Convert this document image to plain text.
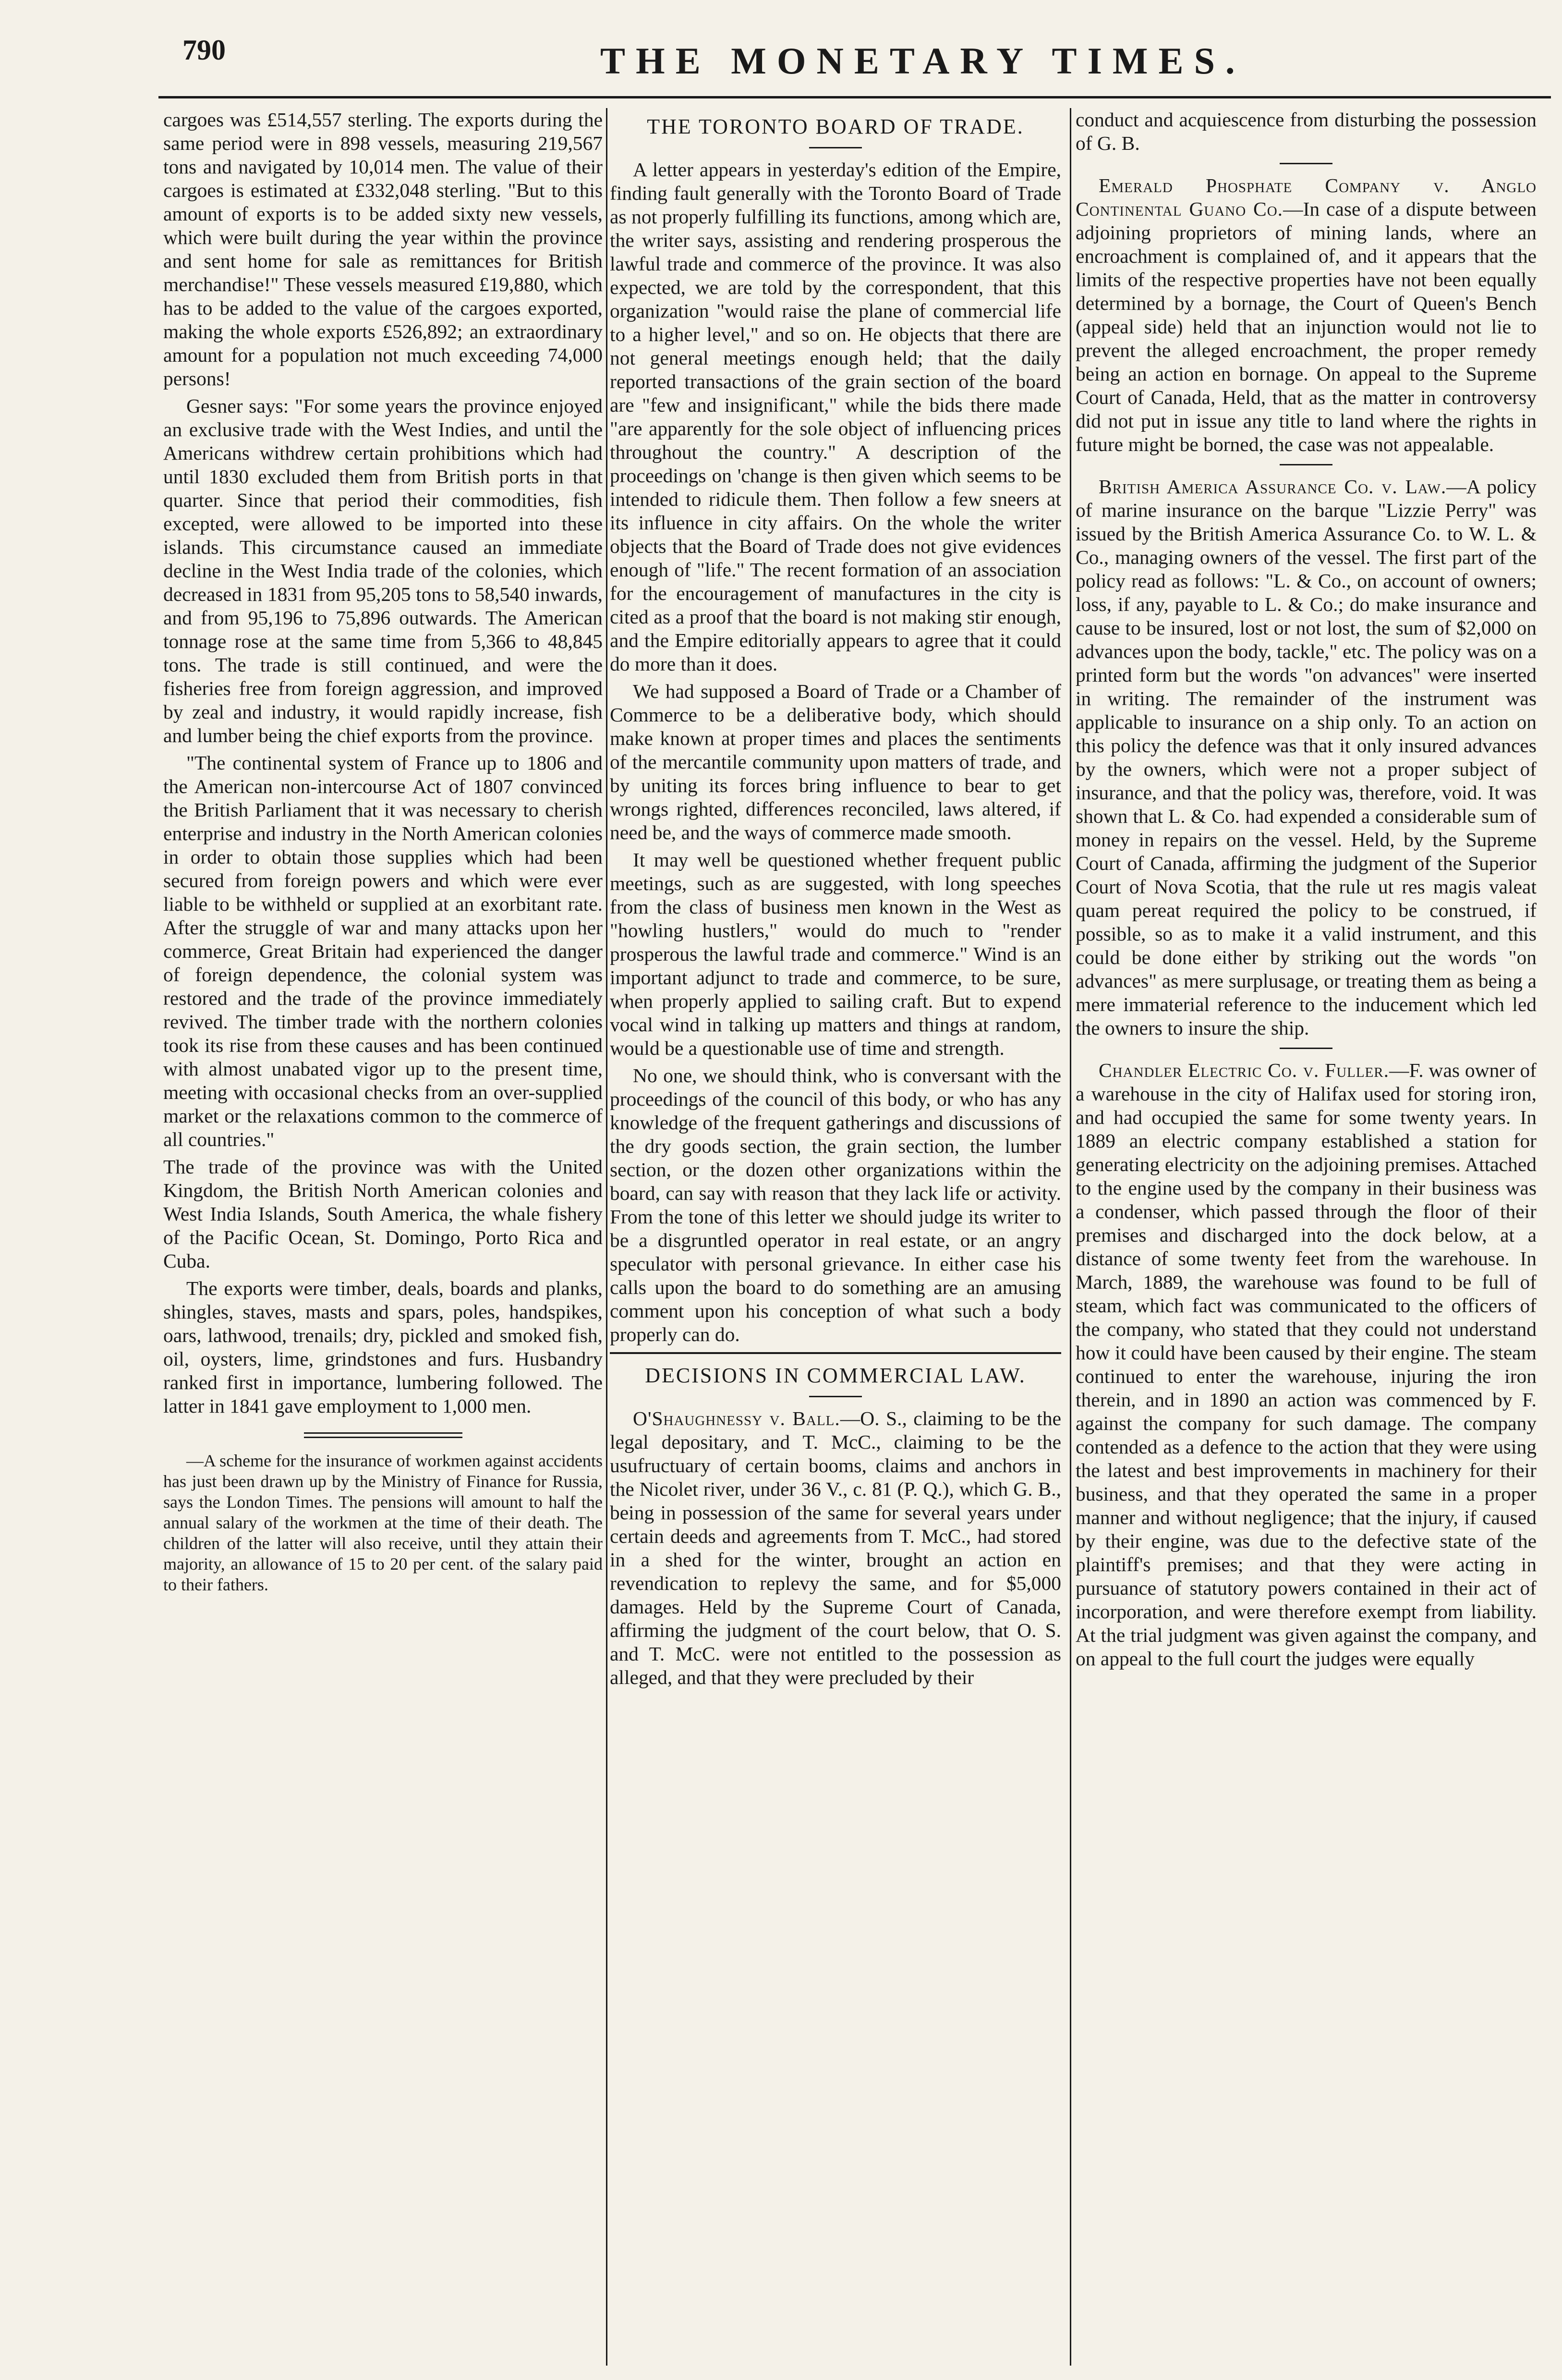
790	THE MONETARY TIMES.

cargoes was £514,557 sterling. The exports during the same period were in 898 vessels, measuring 219,567 tons and navigated by 10,014 men. The value of their cargoes is estimated at £332,048 sterling. "But to this amount of exports is to be added sixty new vessels, which were built during the year within the province and sent home for sale as remittances for British merchandise!" These vessels measured £19,880, which has to be added to the value of the cargoes exported, making the whole exports £526,892; an extraordinary amount for a population not much exceeding 74,000 persons!

Gesner says: "For some years the province enjoyed an exclusive trade with the West Indies, and until the Americans withdrew certain prohibitions which had until 1830 excluded them from British ports in that quarter. Since that period their commodities, fish excepted, were allowed to be imported into these islands. This circumstance caused an immediate decline in the West India trade of the colonies, which decreased in 1831 from 95,205 tons to 58,540 inwards, and from 95,196 to 75,896 outwards. The American tonnage rose at the same time from 5,366 to 48,845 tons. The trade is still continued, and were the fisheries free from foreign aggression, and improved by zeal and industry, it would rapidly increase, fish and lumber being the chief exports from the province.

"The continental system of France up to 1806 and the American non-intercourse Act of 1807 convinced the British Parliament that it was necessary to cherish enterprise and industry in the North American colonies in order to obtain those supplies which had been secured from foreign powers and which were ever liable to be withheld or supplied at an exorbitant rate. After the struggle of war and many attacks upon her commerce, Great Britain had experienced the danger of foreign dependence, the colonial system was restored and the trade of the province immediately revived. The timber trade with the northern colonies took its rise from these causes and has been continued with almost unabated vigor up to the present time, meeting with occasional checks from an over-supplied market or the relaxations common to the commerce of all countries."

The trade of the province was with the United Kingdom, the British North American colonies and West India Islands, South America, the whale fishery of the Pacific Ocean, St. Domingo, Porto Rica and Cuba.

The exports were timber, deals, boards and planks, shingles, staves, masts and spars, poles, handspikes, oars, lathwood, trenails; dry, pickled and smoked fish, oil, oysters, lime, grindstones and furs. Husbandry ranked first in importance, lumbering followed. The latter in 1841 gave employment to 1,000 men.

—A scheme for the insurance of workmen against accidents has just been drawn up by the Ministry of Finance for Russia, says the London Times. The pensions will amount to half the annual salary of the workmen at the time of their death. The children of the latter will also receive, until they attain their majority, an allowance of 15 to 20 per cent. of the salary paid to their fathers.

THE TORONTO BOARD OF TRADE.

A letter appears in yesterday's edition of the Empire, finding fault generally with the Toronto Board of Trade as not properly fulfilling its functions, among which are, the writer says, assisting and rendering prosperous the lawful trade and commerce of the province. It was also expected, we are told by the correspondent, that this organization "would raise the plane of commercial life to a higher level," and so on. He objects that there are not general meetings enough held; that the daily reported transactions of the grain section of the board are "few and insignificant," while the bids there made "are apparently for the sole object of influencing prices throughout the country." A description of the proceedings on 'change is then given which seems to be intended to ridicule them. Then follow a few sneers at its influence in city affairs. On the whole the writer objects that the Board of Trade does not give evidences enough of "life." The recent formation of an association for the encouragement of manufactures in the city is cited as a proof that the board is not making stir enough, and the Empire editorially appears to agree that it could do more than it does.

We had supposed a Board of Trade or a Chamber of Commerce to be a deliberative body, which should make known at proper times and places the sentiments of the mercantile community upon matters of trade, and by uniting its forces bring influence to bear to get wrongs righted, differences reconciled, laws altered, if need be, and the ways of commerce made smooth.

It may well be questioned whether frequent public meetings, such as are suggested, with long speeches from the class of business men known in the West as "howling hustlers," would do much to "render prosperous the lawful trade and commerce." Wind is an important adjunct to trade and commerce, to be sure, when properly applied to sailing craft. But to expend vocal wind in talking up matters and things at random, would be a questionable use of time and strength.

No one, we should think, who is conversant with the proceedings of the council of this body, or who has any knowledge of the frequent gatherings and discussions of the dry goods section, the grain section, the lumber section, or the dozen other organizations within the board, can say with reason that they lack life or activity. From the tone of this letter we should judge its writer to be a disgruntled operator in real estate, or an angry speculator with personal grievance. In either case his calls upon the board to do something are an amusing comment upon his conception of what such a body properly can do.

DECISIONS IN COMMERCIAL LAW.

O'Shaughnessy v. Ball.—O. S., claiming to be the legal depositary, and T. McC., claiming to be the usufructuary of certain booms, claims and anchors in the Nicolet river, under 36 V., c. 81 (P. Q.), which G. B., being in possession of the same for several years under certain deeds and agreements from T. McC., had stored in a shed for the winter, brought an action en revendication to replevy the same, and for $5,000 damages. Held by the Supreme Court of Canada, affirming the judgment of the court below, that O. S. and T. McC. were not entitled to the possession as alleged, and that they were precluded by their

conduct and acquiescence from disturbing the possession of G. B.

Emerald Phosphate Company v. Anglo Continental Guano Co.—In case of a dispute between adjoining proprietors of mining lands, where an encroachment is complained of, and it appears that the limits of the respective properties have not been equally determined by a bornage, the Court of Queen's Bench (appeal side) held that an injunction would not lie to prevent the alleged encroachment, the proper remedy being an action en bornage. On appeal to the Supreme Court of Canada, Held, that as the matter in controversy did not put in issue any title to land where the rights in future might be borned, the case was not appealable.

British America Assurance Co. v. Law.—A policy of marine insurance on the barque "Lizzie Perry" was issued by the British America Assurance Co. to W. L. & Co., managing owners of the vessel. The first part of the policy read as follows: "L. & Co., on account of owners; loss, if any, payable to L. & Co.; do make insurance and cause to be insured, lost or not lost, the sum of $2,000 on advances upon the body, tackle," etc. The policy was on a printed form but the words "on advances" were inserted in writing. The remainder of the instrument was applicable to insurance on a ship only. To an action on this policy the defence was that it only insured advances by the owners, which were not a proper subject of insurance, and that the policy was, therefore, void. It was shown that L. & Co. had expended a considerable sum of money in repairs on the vessel. Held, by the Supreme Court of Canada, affirming the judgment of the Superior Court of Nova Scotia, that the rule ut res magis valeat quam pereat required the policy to be construed, if possible, so as to make it a valid instrument, and this could be done either by striking out the words "on advances" as mere surplusage, or treating them as being a mere immaterial reference to the inducement which led the owners to insure the ship.

Chandler Electric Co. v. Fuller.—F. was owner of a warehouse in the city of Halifax used for storing iron, and had occupied the same for some twenty years. In 1889 an electric company established a station for generating electricity on the adjoining premises. Attached to the engine used by the company in their business was a condenser, which passed through the floor of their premises and discharged into the dock below, at a distance of some twenty feet from the warehouse. In March, 1889, the warehouse was found to be full of steam, which fact was communicated to the officers of the company, who stated that they could not understand how it could have been caused by their engine. The steam continued to enter the warehouse, injuring the iron therein, and in 1890 an action was commenced by F. against the company for such damage. The company contended as a defence to the action that they were using the latest and best improvements in machinery for their business, and that they operated the same in a proper manner and without negligence; that the injury, if caused by their engine, was due to the defective state of the plaintiff's premises; and that they were acting in pursuance of statutory powers contained in their act of incorporation, and were therefore exempt from liability. At the trial judgment was given against the company, and on appeal to the full court the judges were equally
